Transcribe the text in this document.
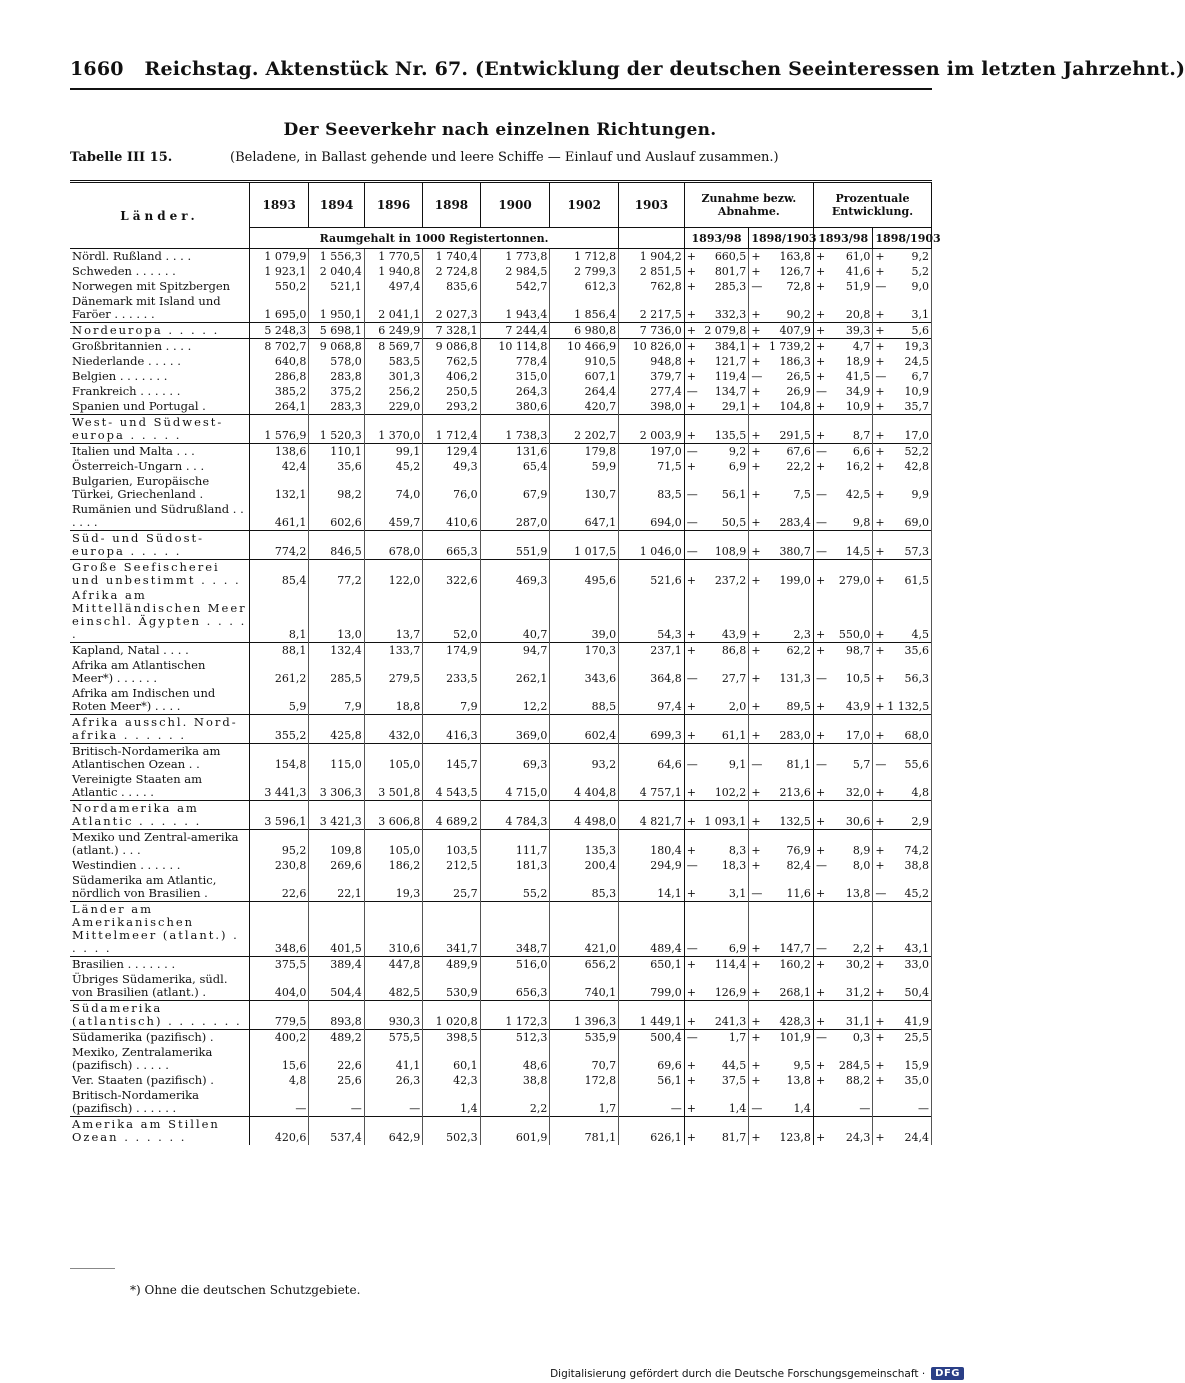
1660 Reichstag. Aktenstück Nr. 67. (Entwicklung der deutschen Seeinteressen im letzten Jahrzehnt.)
Der Seeverkehr nach einzelnen Richtungen.
Tabelle III 15.	(Beladene, in Ballast gehende und leere Schiffe — Einlauf und Auslauf zusammen.)
Länder.	1893	1894	1896	1898	1900	1902	1903	Zunahme bezw. Abnahme.				Prozentuale Entwicklung.			
	Raumgehalt in 1000 Registertonnen.							1893/98		1898/1903		1893/98		1898/1903	
Nördl. Rußland . . . .	1 079,9	1 556,3	1 770,5	1 740,4	1 773,8	1 712,8	1 904,2	+	660,5	+	163,8	+	61,0	+	9,2
Schweden . . . . . .	1 923,1	2 040,4	1 940,8	2 724,8	2 984,5	2 799,3	2 851,5	+	801,7	+	126,7	+	41,6	+	5,2
Norwegen mit Spitzbergen	550,2	521,1	497,4	835,6	542,7	612,3	762,8	+	285,3	—	72,8	+	51,9	—	9,0
Dänemark mit Island und Faröer . . . . . .	1 695,0	1 950,1	2 041,1	2 027,3	1 943,4	1 856,4	2 217,5	+	332,3	+	90,2	+	20,8	+	3,1
Nordeuropa . . . . .	5 248,3	5 698,1	6 249,9	7 328,1	7 244,4	6 980,8	7 736,0	+	2 079,8	+	407,9	+	39,3	+	5,6
Großbritannien . . . .	8 702,7	9 068,8	8 569,7	9 086,8	10 114,8	10 466,9	10 826,0	+	384,1	+	1 739,2	+	4,7	+	19,3
Niederlande . . . . .	640,8	578,0	583,5	762,5	778,4	910,5	948,8	+	121,7	+	186,3	+	18,9	+	24,5
Belgien . . . . . . .	286,8	283,8	301,3	406,2	315,0	607,1	379,7	+	119,4	—	26,5	+	41,5	—	6,7
Frankreich . . . . . .	385,2	375,2	256,2	250,5	264,3	264,4	277,4	—	134,7	+	26,9	—	34,9	+	10,9
Spanien und Portugal .	264,1	283,3	229,0	293,2	380,6	420,7	398,0	+	29,1	+	104,8	+	10,9	+	35,7
West- und Südwest-europa . . . . .	1 576,9	1 520,3	1 370,0	1 712,4	1 738,3	2 202,7	2 003,9	+	135,5	+	291,5	+	8,7	+	17,0
Italien und Malta . . .	138,6	110,1	99,1	129,4	131,6	179,8	197,0	—	9,2	+	67,6	—	6,6	+	52,2
Österreich-Ungarn . . .	42,4	35,6	45,2	49,3	65,4	59,9	71,5	+	6,9	+	22,2	+	16,2	+	42,8
Bulgarien, Europäische Türkei, Griechenland .	132,1	98,2	74,0	76,0	67,9	130,7	83,5	—	56,1	+	7,5	—	42,5	+	9,9
Rumänien und Südrußland . . . . . .	461,1	602,6	459,7	410,6	287,0	647,1	694,0	—	50,5	+	283,4	—	9,8	+	69,0
Süd- und Südost-europa . . . . .	774,2	846,5	678,0	665,3	551,9	1 017,5	1 046,0	—	108,9	+	380,7	—	14,5	+	57,3
Große Seefischerei und unbestimmt . . . .	85,4	77,2	122,0	322,6	469,3	495,6	521,6	+	237,2	+	199,0	+	279,0	+	61,5
Afrika am Mittelländischen Meer einschl. Ägypten . . . . .	8,1	13,0	13,7	52,0	40,7	39,0	54,3	+	43,9	+	2,3	+	550,0	+	4,5
Kapland, Natal . . . .	88,1	132,4	133,7	174,9	94,7	170,3	237,1	+	86,8	+	62,2	+	98,7	+	35,6
Afrika am Atlantischen Meer*) . . . . . .	261,2	285,5	279,5	233,5	262,1	343,6	364,8	—	27,7	+	131,3	—	10,5	+	56,3
Afrika am Indischen und Roten Meer*) . . . .	5,9	7,9	18,8	7,9	12,2	88,5	97,4	+	2,0	+	89,5	+	43,9	+	1 132,5
Afrika ausschl. Nord-afrika . . . . . .	355,2	425,8	432,0	416,3	369,0	602,4	699,3	+	61,1	+	283,0	+	17,0	+	68,0
Britisch-Nordamerika am Atlantischen Ozean . .	154,8	115,0	105,0	145,7	69,3	93,2	64,6	—	9,1	—	81,1	—	5,7	—	55,6
Vereinigte Staaten am Atlantic . . . . .	3 441,3	3 306,3	3 501,8	4 543,5	4 715,0	4 404,8	4 757,1	+	102,2	+	213,6	+	32,0	+	4,8
Nordamerika am Atlantic . . . . . .	3 596,1	3 421,3	3 606,8	4 689,2	4 784,3	4 498,0	4 821,7	+	1 093,1	+	132,5	+	30,6	+	2,9
Mexiko und Zentral-amerika (atlant.) . . .	95,2	109,8	105,0	103,5	111,7	135,3	180,4	+	8,3	+	76,9	+	8,9	+	74,2
Westindien . . . . . .	230,8	269,6	186,2	212,5	181,3	200,4	294,9	—	18,3	+	82,4	—	8,0	+	38,8
Südamerika am Atlantic, nördlich von Brasilien .	22,6	22,1	19,3	25,7	55,2	85,3	14,1	+	3,1	—	11,6	+	13,8	—	45,2
Länder am Amerikanischen Mittelmeer (atlant.) . . . . .	348,6	401,5	310,6	341,7	348,7	421,0	489,4	—	6,9	+	147,7	—	2,2	+	43,1
Brasilien . . . . . . .	375,5	389,4	447,8	489,9	516,0	656,2	650,1	+	114,4	+	160,2	+	30,2	+	33,0
Übriges Südamerika, südl. von Brasilien (atlant.) .	404,0	504,4	482,5	530,9	656,3	740,1	799,0	+	126,9	+	268,1	+	31,2	+	50,4
Südamerika (atlantisch) . . . . . . .	779,5	893,8	930,3	1 020,8	1 172,3	1 396,3	1 449,1	+	241,3	+	428,3	+	31,1	+	41,9
Südamerika (pazifisch) .	400,2	489,2	575,5	398,5	512,3	535,9	500,4	—	1,7	+	101,9	—	0,3	+	25,5
Mexiko, Zentralamerika (pazifisch) . . . . .	15,6	22,6	41,1	60,1	48,6	70,7	69,6	+	44,5	+	9,5	+	284,5	+	15,9
Ver. Staaten (pazifisch) .	4,8	25,6	26,3	42,3	38,8	172,8	56,1	+	37,5	+	13,8	+	88,2	+	35,0
Britisch-Nordamerika (pazifisch) . . . . . .	—	—	—	1,4	2,2	1,7	—	+	1,4	—	1,4		—		—
Amerika am Stillen Ozean . . . . . .	420,6	537,4	642,9	502,3	601,9	781,1	626,1	+	81,7	+	123,8	+	24,3	+	24,4
*) Ohne die deutschen Schutzgebiete.
Digitalisierung gefördert durch die Deutsche Forschungsgemeinschaft ·	DFG
